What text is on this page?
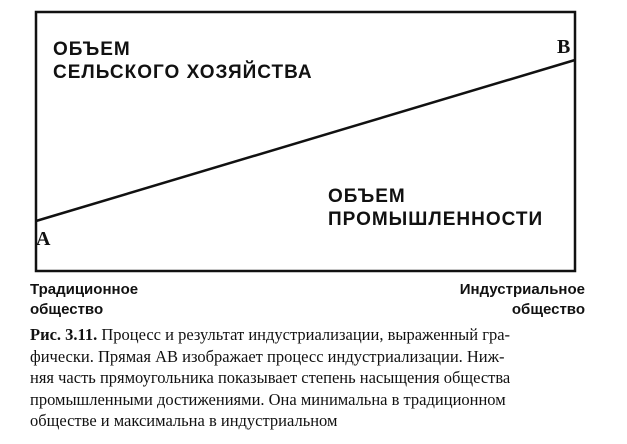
ОБЪЕМ
СЕЛЬСКОГО ХОЗЯЙСТВА
ОБЪЕМ
ПРОМЫШЛЕННОСТИ
A
B
Традиционное
общество
Индустриальное
общество
Рис. 3.11. Процесс и результат индустриализации, выраженный гра-
фически. Прямая АВ изображает процесс индустриализации. Ниж-
няя часть прямоугольника показывает степень насыщения общества
промышленными достижениями. Она минимальна в традиционном
обществе и максимальна в индустриальном
